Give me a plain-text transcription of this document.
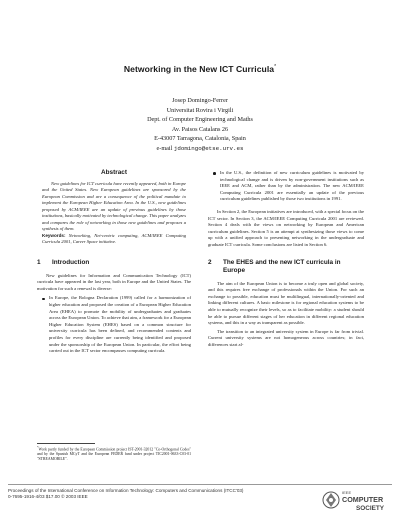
Networking in the New ICT Curricula*
Josep Domingo-Ferrer
Universitat Rovira i Virgili
Dept. of Computer Engineering and Maths
Av. Paisos Catalans 26
E-43007 Tarragona, Catalonia, Spain
e-mail jdomingo@etse.urv.es
Abstract

New guidelines for ICT curricula have recently appeared, both in Europe and the United States. New European guidelines are sponsored by the European Commission and are a consequence of the political mandate to implement the European Higher Education Area. In the U.S., new guidelines proposed by ACM/IEEE are an update of previous guidelines by those institutions, basically motivated by technological change. This paper analyzes and compares the role of networking in those new guidelines and proposes a synthesis of them.

Keywords: Networking, Net-centric computing, ACM/IEEE Computing Curricula 2001, Career Space initiative.

1 Introduction

New guidelines for Information and Communication Technology (ICT) curricula have appeared in the last year, both in Europe and the United States. The motivation for such a renewal is diverse:

In Europe, the Bologna Declaration (1999) called for a harmonization of higher education and proposed the creation of a European Higher Education Area (EHEA) to promote the mobility of undergraduates and graduates across the European Union. To achieve that aim, a framework for a European Higher Education System (EHES) based on a common structure for university curricula has been defined, and recommended contents and profiles for every discipline are currently being identified and proposed under the sponsorship of the European Union. In particular, the effort being carried out in the ICT sector encompasses computing curricula.
In the U.S., the definition of new curriculum guidelines is motivated by technological change and is driven by non-government institutions such as IEEE and ACM, rather than by the administration. The new ACM/IEEE Computing Curricula 2001 are essentially an update of the previous curriculum guidelines published by those two institutions in 1991.

In Section 2, the European initiatives are introduced, with a special focus on the ICT sector. In Section 3, the ACM/IEEE Computing Curricula 2001 are reviewed. Section 4 deals with the views on networking by European and American curriculum guidelines. Section 5 is an attempt at synthesizing those views to come up with a unified approach to presenting networking in the undergraduate and graduate ICT curricula. Some conclusions are listed in Section 6.

2	The EHES and the new ICT curricula in Europe

The aim of the European Union is to become a truly open and global society, and this requires free exchange of professionals within the Union. For such an exchange to possible, education must be multilingual, internationally-oriented and linking different cultures. A basic milestone is for regional education systems to be able to mutually recognize their levels, so as to facilitate mobility: a student should be able to pursue different stages of her education in different regional education systems, and this in a way as transparent as possible.

The transition to an integrated university system in Europe is far from trivial. Current university systems are not homogeneous across countries; in fact, differences start al-

*Work partly funded by the European Commission project IST-2001-32012 "Co-Orthogonal Codes" and by the Spanish MCyT and the European FEDER fund under project TIC2001-0633-C03-01 "STREAMOBILE".
Proceedings of the International Conference on Information Technology: Computers and Communications (ITCC'03)
0-7695-1916-4/03 $17.00 © 2003 IEEE
IEEE
COMPUTER
SOCIETY
